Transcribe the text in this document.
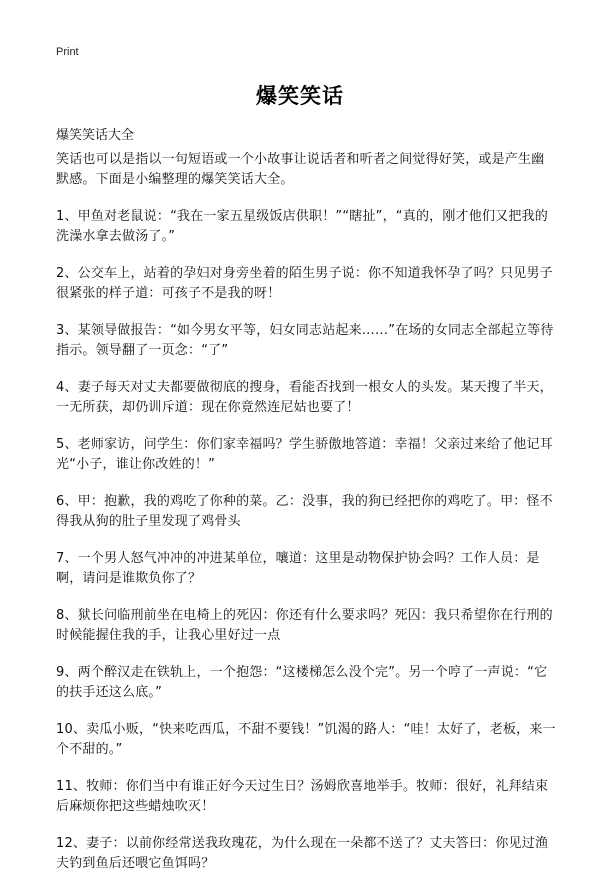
Print
爆笑笑话
爆笑笑话大全

笑话也可以是指以一句短语或一个小故事让说话者和听者之间觉得好笑，或是产生幽默感。下面是小编整理的爆笑笑话大全。

1、甲鱼对老鼠说：“我在一家五星级饭店供职！”“瞎扯”，“真的，刚才他们又把我的洗澡水拿去做汤了。”

2、公交车上，站着的孕妇对身旁坐着的陌生男子说：你不知道我怀孕了吗？只见男子很紧张的样子道：可孩子不是我的呀！

3、某领导做报告：“如今男女平等，妇女同志站起来……”在场的女同志全部起立等待指示。领导翻了一页念：“了”

4、妻子每天对丈夫都要做彻底的搜身，看能否找到一根女人的头发。某天搜了半天，一无所获，却仍训斥道：现在你竟然连尼姑也要了！

5、老师家访，问学生：你们家幸福吗？学生骄傲地答道：幸福！父亲过来给了他记耳光“小子，谁让你改姓的！”

6、甲：抱歉，我的鸡吃了你种的菜。乙：没事，我的狗已经把你的鸡吃了。甲：怪不得我从狗的肚子里发现了鸡骨头

7、一个男人怒气冲冲的冲进某单位，嚷道：这里是动物保护协会吗？工作人员：是啊，请问是谁欺负你了？

8、狱长问临刑前坐在电椅上的死囚：你还有什么要求吗？死囚：我只希望你在行刑的时候能握住我的手，让我心里好过一点

9、两个醉汉走在铁轨上，一个抱怨：“这楼梯怎么没个完”。另一个哼了一声说：“它的扶手还这么底。”

10、卖瓜小贩，“快来吃西瓜，不甜不要钱！”饥渴的路人：“哇！太好了，老板，来一个不甜的。”

11、牧师：你们当中有谁正好今天过生日？汤姆欣喜地举手。牧师：很好，礼拜结束后麻烦你把这些蜡烛吹灭！

12、妻子：以前你经常送我玫瑰花，为什么现在一朵都不送了？丈夫答曰：你见过渔夫钓到鱼后还喂它鱼饵吗？
